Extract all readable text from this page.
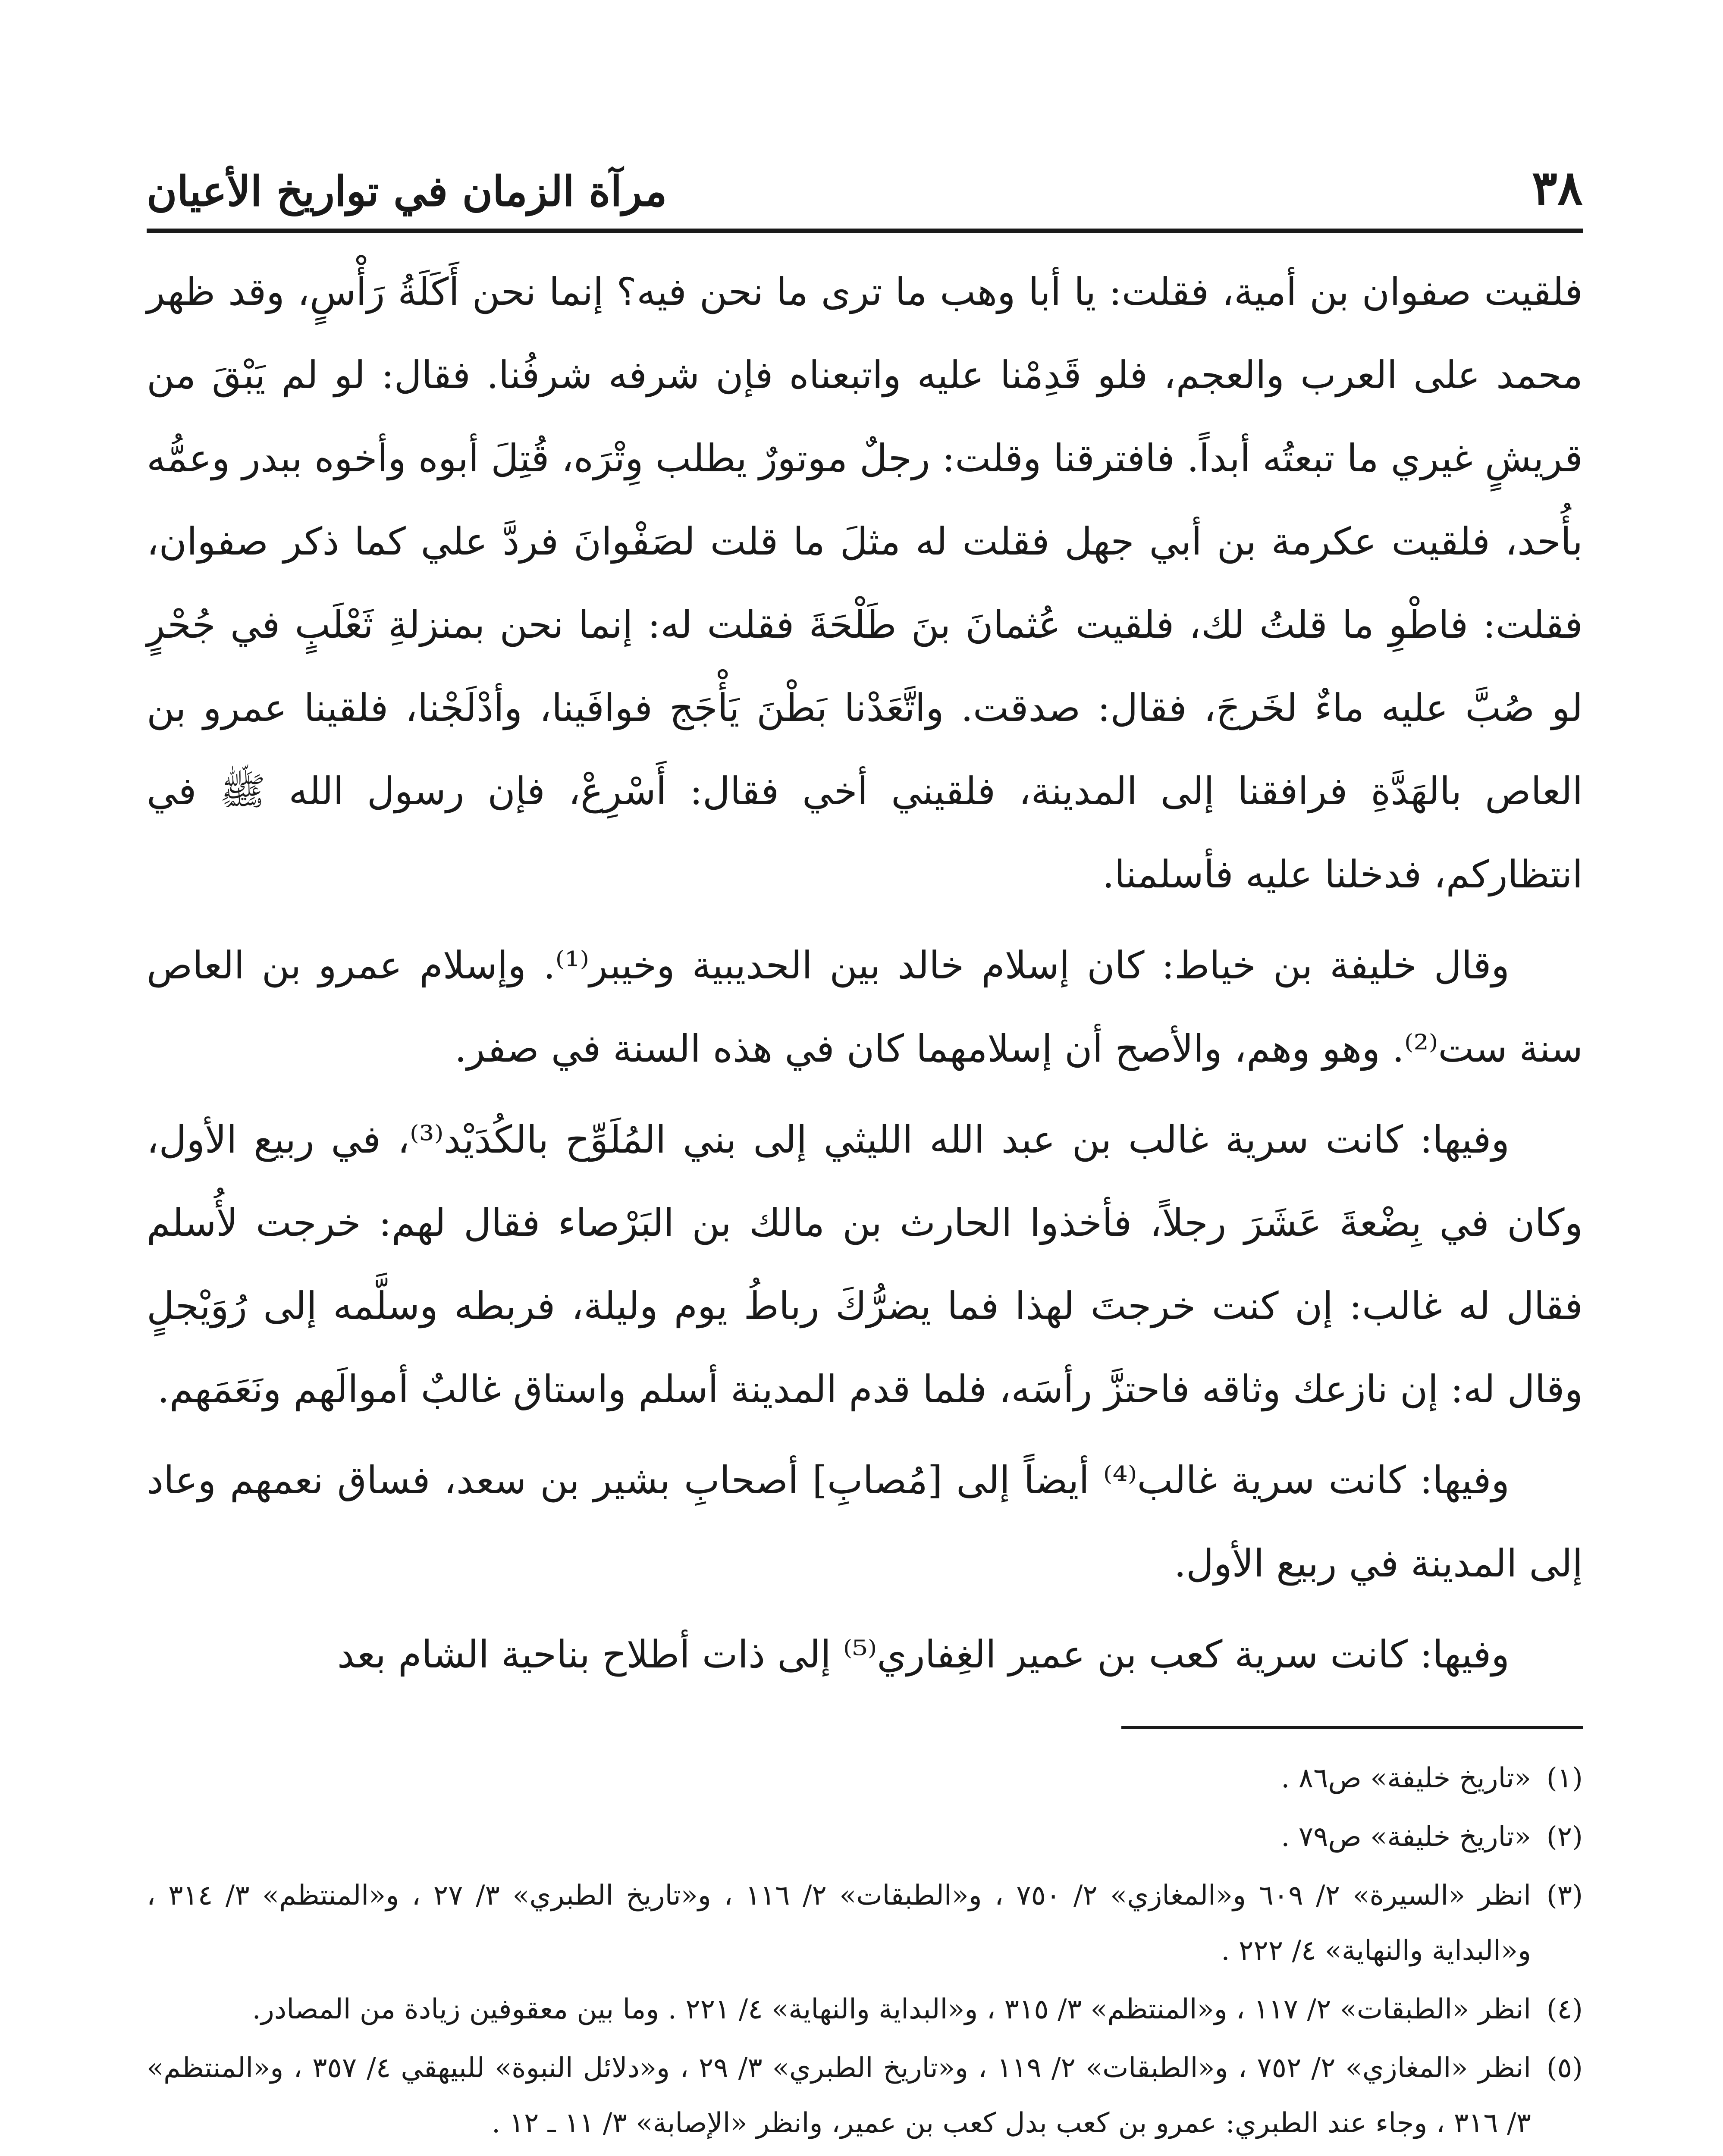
٣٨
مرآة الزمان في تواريخ الأعيان

فلقيت صفوان بن أمية، فقلت: يا أبا وهب ما ترى ما نحن فيه؟ إنما نحن أَكَلَةُ رَأْسٍ، وقد ظهر محمد على العرب والعجم، فلو قَدِمْنا عليه واتبعناه فإن شرفه شرفُنا. فقال: لو لم يَبْقَ من قريشٍ غيري ما تبعتُه أبداً. فافترقنا وقلت: رجلٌ موتورٌ يطلب وِتْرَه، قُتِلَ أبوه وأخوه ببدر وعمُّه بأُحد، فلقيت عكرمة بن أبي جهل فقلت له مثلَ ما قلت لصَفْوانَ فردَّ علي كما ذكر صفوان، فقلت: فاطْوِ ما قلتُ لك، فلقيت عُثمانَ بنَ طَلْحَةَ فقلت له: إنما نحن بمنزلةِ ثَعْلَبٍ في جُحْرٍ لو صُبَّ عليه ماءٌ لخَرجَ، فقال: صدقت. واتَّعَدْنا بَطْنَ يَأْجَج فوافَينا، وأدْلَجْنا، فلقينا عمرو بن العاص بالهَدَّةِ فرافقنا إلى المدينة، فلقيني أخي فقال: أَسْرِعْ، فإن رسول الله ﷺ في انتظاركم، فدخلنا عليه فأسلمنا.

وقال خليفة بن خياط: كان إسلام خالد بين الحديبية وخيبر⁽¹⁾. وإسلام عمرو بن العاص سنة ست⁽²⁾. وهو وهم، والأصح أن إسلامهما كان في هذه السنة في صفر.

وفيها: كانت سرية غالب بن عبد الله الليثي إلى بني المُلَوِّح بالكُدَيْد⁽³⁾، في ربيع الأول، وكان في بِضْعةَ عَشَرَ رجلاً، فأخذوا الحارث بن مالك بن البَرْصاء فقال لهم: خرجت لأُسلم فقال له غالب: إن كنت خرجتَ لهذا فما يضرُّكَ رباطُ يوم وليلة، فربطه وسلَّمه إلى رُوَيْجلٍ وقال له: إن نازعك وثاقه فاحتزَّ رأسَه، فلما قدم المدينة أسلم واستاق غالبٌ أموالَهم ونَعَمَهم.

وفيها: كانت سرية غالب⁽⁴⁾ أيضاً إلى [مُصابِ] أصحابِ بشير بن سعد، فساق نعمهم وعاد إلى المدينة في ربيع الأول.

وفيها: كانت سرية كعب بن عمير الغِفاري⁽⁵⁾ إلى ذات أطلاح بناحية الشام بعد

(١)«تاريخ خليفة» ص٨٦ .

(٢)«تاريخ خليفة» ص٧٩ .

(٣)انظر «السيرة» ٢/ ٦٠٩ و«المغازي» ٢/ ٧٥٠ ، و«الطبقات» ٢/ ١١٦ ، و«تاريخ الطبري» ٣/ ٢٧ ، و«المنتظم» ٣/ ٣١٤ ، و«البداية والنهاية» ٤/ ٢٢٢ .

(٤)انظر «الطبقات» ٢/ ١١٧ ، و«المنتظم» ٣/ ٣١٥ ، و«البداية والنهاية» ٤/ ٢٢١ . وما بين معقوفين زيادة من المصادر.

(٥)انظر «المغازي» ٢/ ٧٥٢ ، و«الطبقات» ٢/ ١١٩ ، و«تاريخ الطبري» ٣/ ٢٩ ، و«دلائل النبوة» للبيهقي ٤/ ٣٥٧ ، و«المنتظم» ٣/ ٣١٦ ، وجاء عند الطبري: عمرو بن كعب بدل كعب بن عمير، وانظر «الإصابة» ٣/ ١١ ـ ١٢ .
